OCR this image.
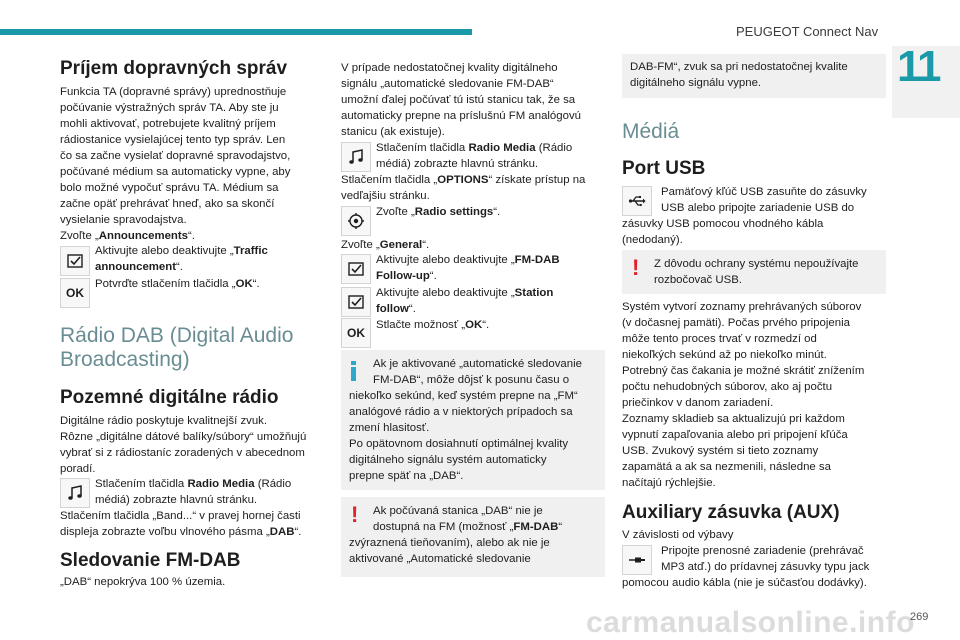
PEUGEOT Connect Nav
11
Príjem dopravných správ
Funkcia TA (dopravné správy) uprednostňuje
počúvanie výstražných správ TA. Aby ste ju
mohli aktivovať, potrebujete kvalitný príjem
rádiostanice vysielajúcej tento typ správ. Len
čo sa začne vysielať dopravné spravodajstvo,
počúvané médium sa automaticky vypne, aby
bolo možné vypočuť správu TA. Médium sa
začne opäť prehrávať hneď, ako sa skončí
vysielanie spravodajstva.
Zvoľte „Announcements“.
Aktivujte alebo deaktivujte „Traffic
announcement“.
OK
Potvrďte stlačením tlačidla „OK“.
Rádio DAB (Digital Audio
Broadcasting)
Pozemné digitálne rádio
Digitálne rádio poskytuje kvalitnejší zvuk.
Rôzne „digitálne dátové balíky/súbory“ umožňujú
vybrať si z rádiostaníc zoradených v abecednom
poradí.
Stlačením tlačidla Radio Media (Rádio
médiá) zobrazte hlavnú stránku.
Stlačením tlačidla „Band...“ v pravej hornej časti
displeja zobrazte voľbu vlnového pásma „DAB“.
Sledovanie FM-DAB
„DAB“ nepokrýva 100 % územia.
V prípade nedostatočnej kvality digitálneho
signálu „automatické sledovanie FM-DAB“
umožní ďalej počúvať tú istú stanicu tak, že sa
automaticky prepne na príslušnú FM analógovú
stanicu (ak existuje).
Stlačením tlačidla Radio Media (Rádio
médiá) zobrazte hlavnú stránku.
Stlačením tlačidla „OPTIONS“ získate prístup na
vedľajšiu stránku.
Zvoľte „Radio settings“.
Zvoľte „General“.
Aktivujte alebo deaktivujte „FM-DAB
Follow-up“.
Aktivujte alebo deaktivujte „Station
follow“.
OK
Stlačte možnosť „OK“.
Ak je aktivované „automatické sledovanie
FM-DAB“, môže dôjsť k posunu času o
niekoľko sekúnd, keď systém prepne na „FM“
analógové rádio a v niektorých prípadoch sa
zmení hlasitosť.
Po opätovnom dosiahnutí optimálnej kvality
digitálneho signálu systém automaticky
prepne späť na „DAB“.
! Ak počúvaná stanica „DAB“ nie je
dostupná na FM (možnosť „FM-DAB“
zvýraznená tieňovaním), alebo ak nie je
aktivované „Automatické sledovanie
DAB-FM“, zvuk sa pri nedostatočnej kvalite
digitálneho signálu vypne.
Médiá
Port USB
Pamäťový kľúč USB zasuňte do zásuvky
USB alebo pripojte zariadenie USB do
zásuvky USB pomocou vhodného kábla
(nedodaný).
! Z dôvodu ochrany systému nepoužívajte
rozbočovač USB.
Systém vytvorí zoznamy prehrávaných súborov
(v dočasnej pamäti). Počas prvého pripojenia
môže tento proces trvať v rozmedzí od
niekoľkých sekúnd až po niekoľko minút.
Potrebný čas čakania je možné skrátiť znížením
počtu nehudobných súborov, ako aj počtu
priečinkov v danom zariadení.
Zoznamy skladieb sa aktualizujú pri každom
vypnutí zapaľovania alebo pri pripojení kľúča
USB. Zvukový systém si tieto zoznamy
zapamätá a ak sa nezmenili, následne sa
načítajú rýchlejšie.
Auxiliary zásuvka (AUX)
V závislosti od výbavy
Pripojte prenosné zariadenie (prehrávač
MP3 atď.) do prídavnej zásuvky typu jack
pomocou audio kábla (nie je súčasťou dodávky).
carmanualsonline.info
269
